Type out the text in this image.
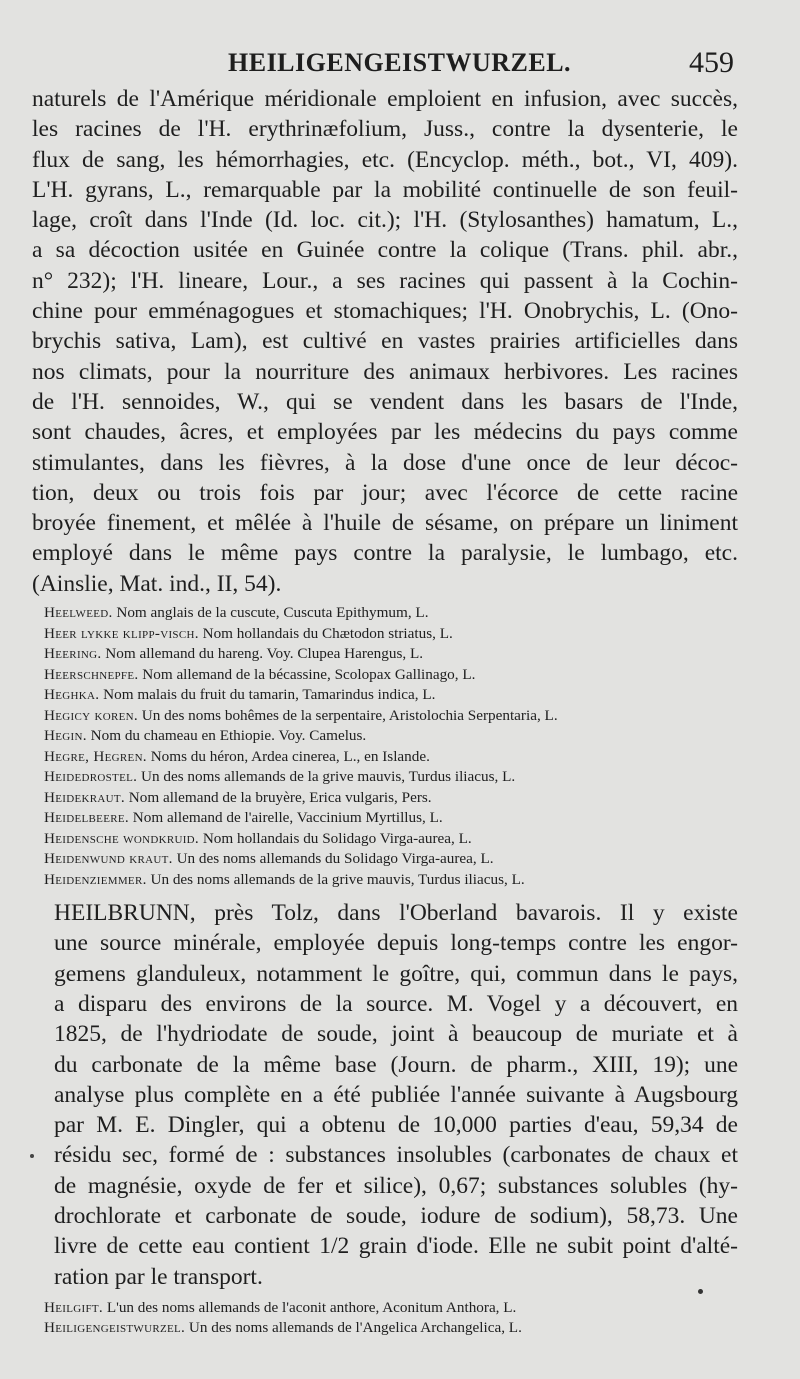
HEILIGENGEISTWURZEL.	459

naturels de l'Amérique méridionale emploient en infusion, avec succès,
les racines de l'H. erythrinæfolium, Juss., contre la dysenterie, le
flux de sang, les hémorrhagies, etc. (Encyclop. méth., bot., VI, 409).
L'H. gyrans, L., remarquable par la mobilité continuelle de son feuil-
lage, croît dans l'Inde (Id. loc. cit.); l'H. (Stylosanthes) hamatum, L.,
a sa décoction usitée en Guinée contre la colique (Trans. phil. abr.,
n° 232); l'H. lineare, Lour., a ses racines qui passent à la Cochin-
chine pour emménagogues et stomachiques; l'H. Onobrychis, L. (Ono-
brychis sativa, Lam), est cultivé en vastes prairies artificielles dans
nos climats, pour la nourriture des animaux herbivores. Les racines
de l'H. sennoides, W., qui se vendent dans les basars de l'Inde,
sont chaudes, âcres, et employées par les médecins du pays comme
stimulantes, dans les fièvres, à la dose d'une once de leur décoc-
tion, deux ou trois fois par jour; avec l'écorce de cette racine
broyée finement, et mêlée à l'huile de sésame, on prépare un liniment
employé dans le même pays contre la paralysie, le lumbago, etc.
(Ainslie, Mat. ind., II, 54).

Heelweed. Nom anglais de la cuscute, Cuscuta Epithymum, L.
Heer lykke klipp-visch. Nom hollandais du Chætodon striatus, L.
Heering. Nom allemand du hareng. Voy. Clupea Harengus, L.
Heerschnepfe. Nom allemand de la bécassine, Scolopax Gallinago, L.
Heghka. Nom malais du fruit du tamarin, Tamarindus indica, L.
Hegicy koren. Un des noms bohêmes de la serpentaire, Aristolochia Serpentaria, L.
Hegin. Nom du chameau en Ethiopie. Voy. Camelus.
Hegre, Hegren. Noms du héron, Ardea cinerea, L., en Islande.
Heidedrostel. Un des noms allemands de la grive mauvis, Turdus iliacus, L.
Heidekraut. Nom allemand de la bruyère, Erica vulgaris, Pers.
Heidelbeere. Nom allemand de l'airelle, Vaccinium Myrtillus, L.
Heidensche wondkruid. Nom hollandais du Solidago Virga-aurea, L.
Heidenwund kraut. Un des noms allemands du Solidago Virga-aurea, L.
Heidenziemmer. Un des noms allemands de la grive mauvis, Turdus iliacus, L.

HEILBRUNN, près Tolz, dans l'Oberland bavarois. Il y existe
une source minérale, employée depuis long-temps contre les engor-
gemens glanduleux, notamment le goître, qui, commun dans le pays,
a disparu des environs de la source. M. Vogel y a découvert, en
1825, de l'hydriodate de soude, joint à beaucoup de muriate et à
du carbonate de la même base (Journ. de pharm., XIII, 19); une
analyse plus complète en a été publiée l'année suivante à Augsbourg
par M. E. Dingler, qui a obtenu de 10,000 parties d'eau, 59,34 de
résidu sec, formé de : substances insolubles (carbonates de chaux et
de magnésie, oxyde de fer et silice), 0,67; substances solubles (hy-
drochlorate et carbonate de soude, iodure de sodium), 58,73. Une
livre de cette eau contient 1/2 grain d'iode. Elle ne subit point d'alté-
ration par le transport.

Heilgift. L'un des noms allemands de l'aconit anthore, Aconitum Anthora, L.
Heiligengeistwurzel. Un des noms allemands de l'Angelica Archangelica, L.
